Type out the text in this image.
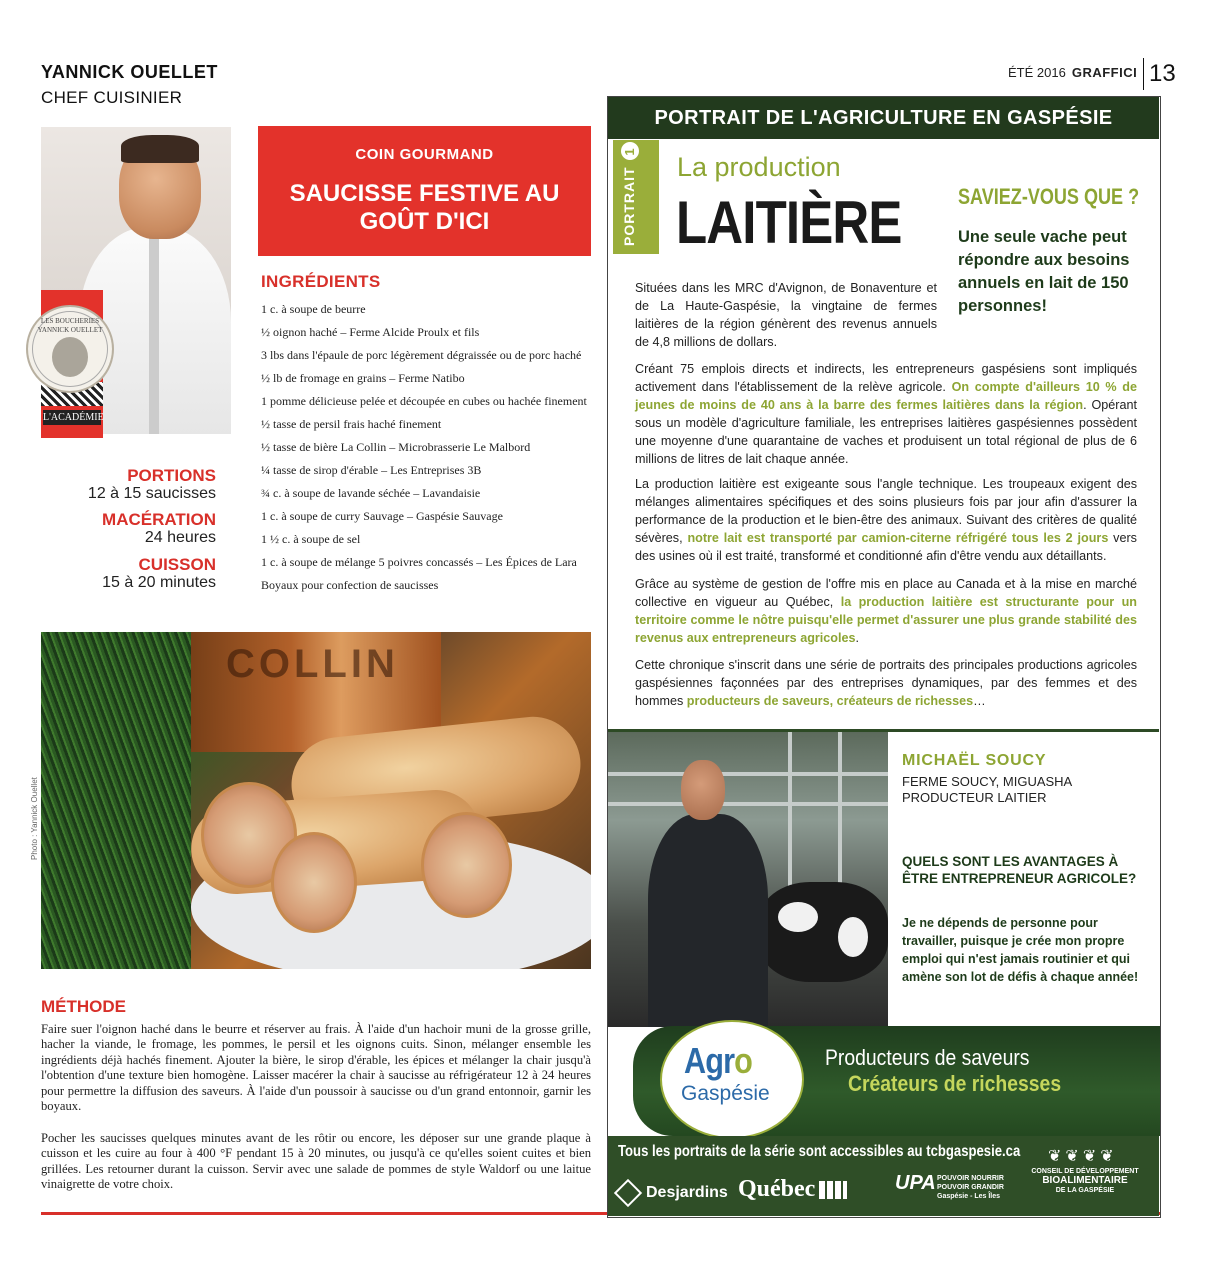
YANNICK OUELLET
CHEF CUISINIER
ÉTÉ 2016 GRAFFICI 13
L'ACADÉMIE
LES BOUCHERIES YANNICK OUELLET
PORTIONS
12 à 15 saucisses
MACÉRATION
24 heures
CUISSON
15 à 20 minutes
COIN GOURMAND
SAUCISSE FESTIVE AU GOÛT D'ICI
INGRÉDIENTS
1 c. à soupe de beurre
½ oignon haché – Ferme Alcide Proulx et fils
3 lbs dans l'épaule de porc légèrement dégraissée ou de porc haché
½ lb de fromage en grains – Ferme Natibo
1 pomme délicieuse pelée et découpée en cubes ou hachée finement
½ tasse de persil frais haché finement
½ tasse de bière La Collin – Microbrasserie Le Malbord
¼ tasse de sirop d'érable – Les Entreprises 3B
¾ c. à soupe de lavande séchée – Lavandaisie
1 c. à soupe de curry Sauvage – Gaspésie Sauvage
1 ½ c. à soupe de sel
1 c. à soupe de mélange 5 poivres concassés – Les Épices de Lara
Boyaux pour confection de saucisses
COLLIN
Photo : Yannick Ouellet
MÉTHODE

Faire suer l'oignon haché dans le beurre et réserver au frais. À l'aide d'un hachoir muni de la grosse grille, hacher la viande, le fromage, les pommes, le persil et les oignons cuits. Sinon, mélanger ensemble les ingrédients déjà hachés finement. Ajouter la bière, le sirop d'érable, les épices et mélanger la chair jusqu'à l'obtention d'une texture bien homogène. Laisser macérer la chair à saucisse au réfrigérateur 12 à 24 heures pour permettre la diffusion des saveurs. À l'aide d'un poussoir à saucisse ou d'un grand entonnoir, garnir les boyaux.

Pocher les saucisses quelques minutes avant de les rôtir ou encore, les déposer sur une grande plaque à cuisson et les cuire au four à 400 °F pendant 15 à 20 minutes, ou jusqu'à ce qu'elles soient cuites et bien grillées. Les retourner durant la cuisson. Servir avec une salade de pommes de style Waldorf ou une laitue vinaigrette de votre choix.

PORTRAIT DE L'AGRICULTURE EN GASPÉSIE
PORTRAIT1
La production
LAITIÈRE	SAVIEZ-VOUS QUE ?
Une seule vache peut répondre aux besoins annuels en lait de 150 personnes!

Situées dans les MRC d'Avignon, de Bonaventure et de La Haute-Gaspésie, la vingtaine de fermes laitières de la région génèrent des revenus annuels de 4,8 millions de dollars.

Créant 75 emplois directs et indirects, les entrepreneurs gaspésiens sont impliqués activement dans l'établissement de la relève agricole. On compte d'ailleurs 10 % de jeunes de moins de 40 ans à la barre des fermes laitières dans la région. Opérant sous un modèle d'agriculture familiale, les entreprises laitières gaspésiennes possèdent une moyenne d'une quarantaine de vaches et produisent un total régional de plus de 6 millions de litres de lait chaque année.

La production laitière est exigeante sous l'angle technique. Les troupeaux exigent des mélanges alimentaires spécifiques et des soins plusieurs fois par jour afin d'assurer la performance de la production et le bien-être des animaux. Suivant des critères de qualité sévères, notre lait est transporté par camion-citerne réfrigéré tous les 2 jours vers des usines où il est traité, transformé et conditionné afin d'être vendu aux détaillants.

Grâce au système de gestion de l'offre mis en place au Canada et à la mise en marché collective en vigueur au Québec, la production laitière est structurante pour un territoire comme le nôtre puisqu'elle permet d'assurer une plus grande stabilité des revenus aux entrepreneurs agricoles.

Cette chronique s'inscrit dans une série de portraits des principales productions agricoles gaspésiennes façonnées par des entreprises dynamiques, par des femmes et des hommes producteurs de saveurs, créateurs de richesses…

MICHAËL SOUCY
FERME SOUCY, MIGUASHA
PRODUCTEUR LAITIER
QUELS SONT LES AVANTAGES À ÊTRE ENTREPRENEUR AGRICOLE?
Je ne dépends de personne pour travailler, puisque je crée mon propre emploi qui n'est jamais routinier et qui amène son lot de défis à chaque année!
Agro
Gaspésie
Producteurs de saveurs
Créateurs de richesses
Tous les portraits de la série sont accessibles au tcbgaspesie.ca
Desjardins Québec	UPA POUVOIR NOURRIR POUVOIR GRANDIR Gaspésie - Les Îles
❦❦❦❦
CONSEIL DE DÉVELOPPEMENT
BIOALIMENTAIRE
DE LA GASPÉSIE
